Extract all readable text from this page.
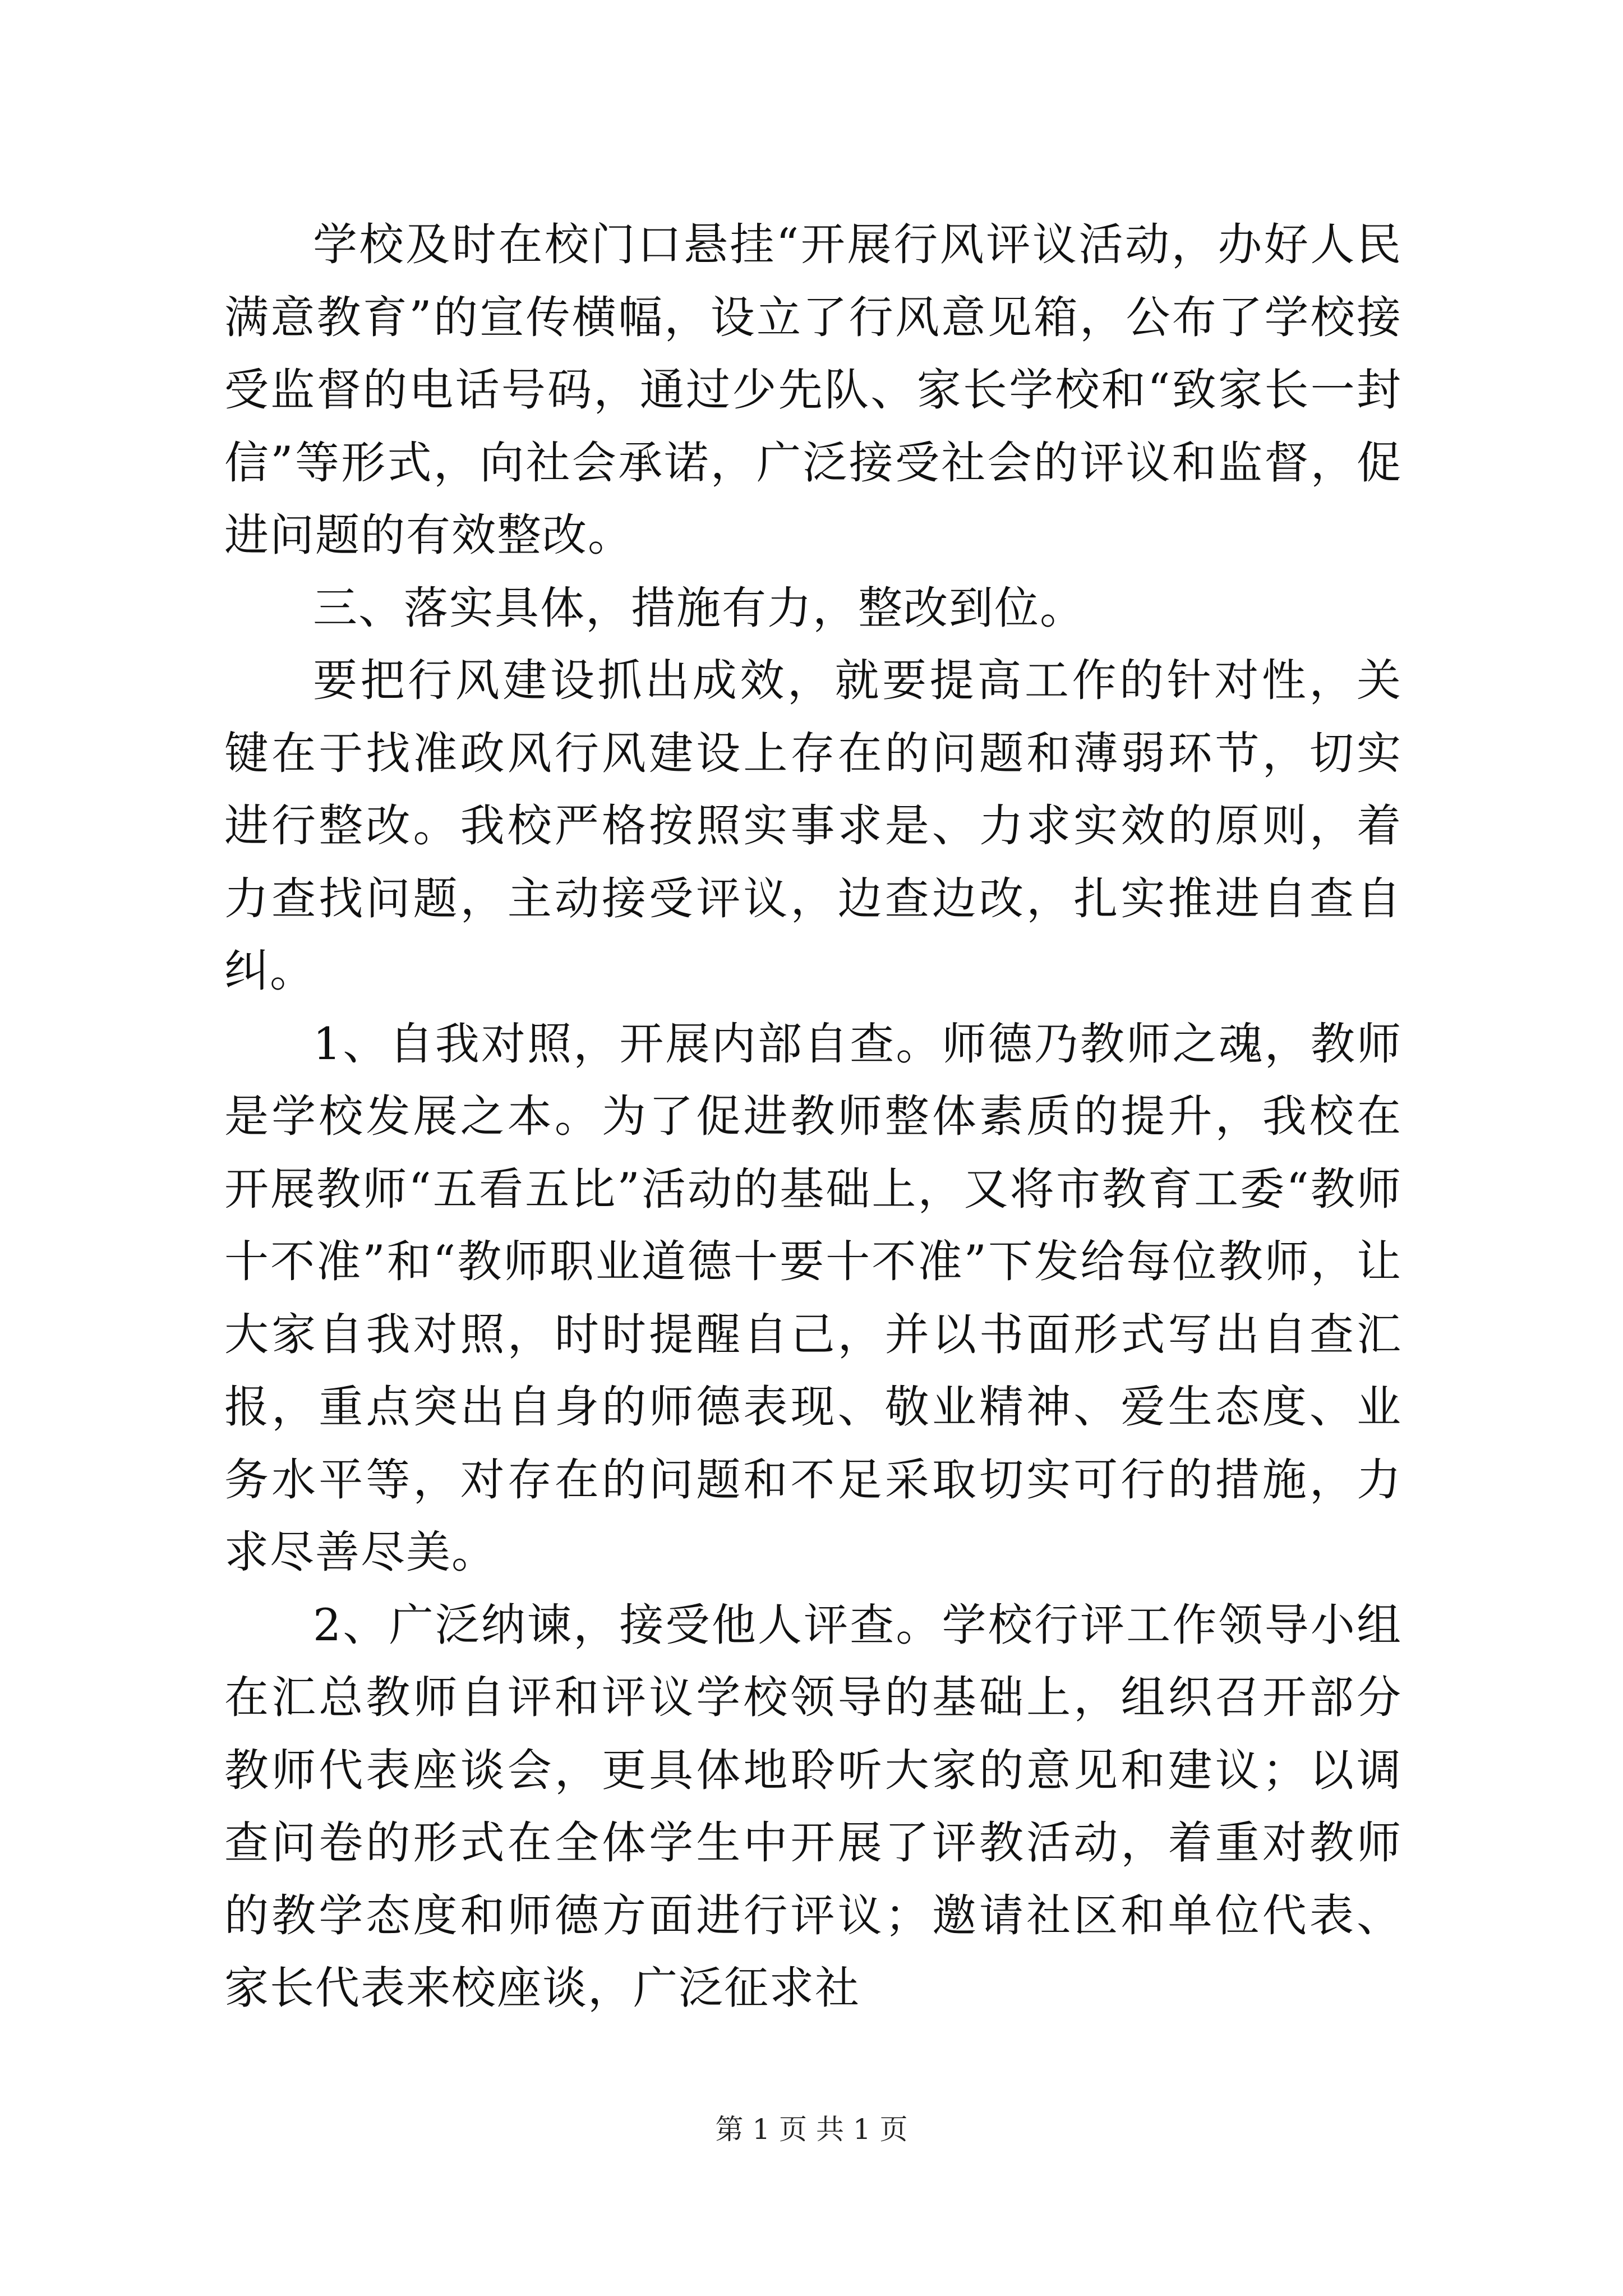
学校及时在校门口悬挂“开展行风评议活动，办好人民满意教育”的宣传横幅，设立了行风意见箱，公布了学校接受监督的电话号码，通过少先队、家长学校和“致家长一封信”等形式，向社会承诺，广泛接受社会的评议和监督，促进问题的有效整改。

三、落实具体，措施有力，整改到位。

要把行风建设抓出成效，就要提高工作的针对性，关键在于找准政风行风建设上存在的问题和薄弱环节，切实进行整改。我校严格按照实事求是、力求实效的原则，着力查找问题，主动接受评议，边查边改，扎实推进自查自纠。

1、自我对照，开展内部自查。师德乃教师之魂，教师是学校发展之本。为了促进教师整体素质的提升，我校在开展教师“五看五比”活动的基础上，又将市教育工委“教师十不准”和“教师职业道德十要十不准”下发给每位教师，让大家自我对照，时时提醒自己，并以书面形式写出自查汇报，重点突出自身的师德表现、敬业精神、爱生态度、业务水平等，对存在的问题和不足采取切实可行的措施，力求尽善尽美。

2、广泛纳谏，接受他人评查。学校行评工作领导小组在汇总教师自评和评议学校领导的基础上，组织召开部分教师代表座谈会，更具体地聆听大家的意见和建议；以调查问卷的形式在全体学生中开展了评教活动，着重对教师的教学态度和师德方面进行评议；邀请社区和单位代表、家长代表来校座谈，广泛征求社

第 1 页 共 1 页
